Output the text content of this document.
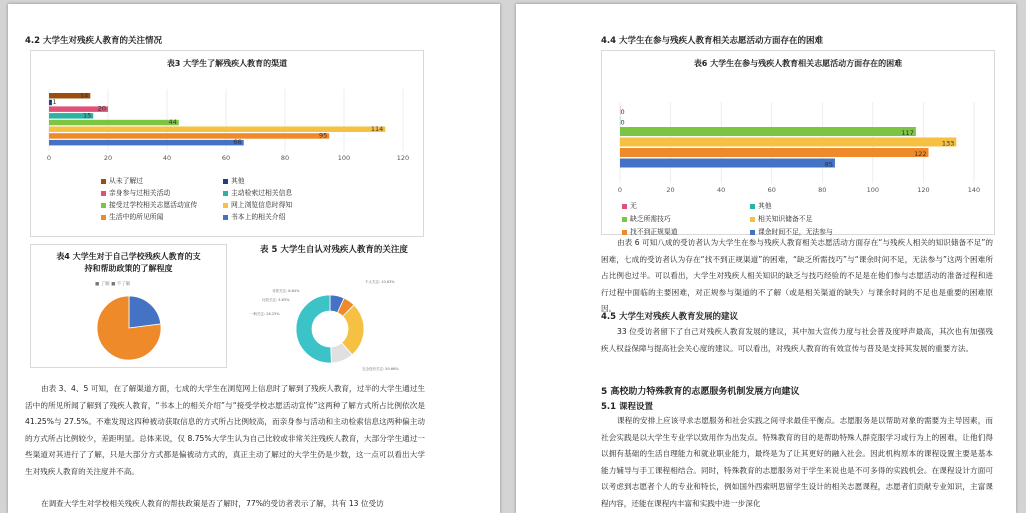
4.2 大学生对残疾人教育的关注情况
表3 大学生了解残疾人教育的渠道
0	20	40	60	80	100	120
14
1
20
15
44
114
95
66
从未了解过	其他
亲身参与过相关活动	主动检索过相关信息
接受过学校相关志愿活动宣传	网上浏览信息时得知
生活中的所见所闻	书本上的相关介绍
表4 大学生对于自己学校残疾人教育的支持和帮助政策的了解程度
■ 了解 ■ 不了解
表 5 大学生自认对残疾人教育的关注度
非常关注: 6.84%
比较关注: 5.63%
一般关注: 26.25%
不太关注: 10.63%
完全没有关注: 50.66%

由表 3、4、5 可知，在了解渠道方面，七成的大学生在浏览网上信息时了解到了残疾人教育，过半的大学生通过生活中的所见所闻了解到了残疾人教育，“书本上的相关介绍”与“接受学校志愿活动宣传”这两种了解方式所占比例依次是 41.25%与 27.5%。不难发现这四种被动获取信息的方式所占比例较高，而亲身参与活动和主动检索信息这两种偏主动的方式所占比例较少，差距明显。总体来说，仅 8.75%大学生认为自己比较或非常关注残疾人教育，大部分学生通过一些渠道对其进行了了解，只是大部分方式都是偏被动方式的，真正主动了解过的大学生仍是少数，这一点可以看出大学生对残疾人教育的关注度并不高。

在调查大学生对学校相关残疾人教育的帮扶政策是否了解时，77%的受访者表示了解，共有 13 位受访

4.4 大学生在参与残疾人教育相关志愿活动方面存在的困难
表6 大学生在参与残疾人教育相关志愿活动方面存在的困难
0	20	40	60	80	100	120	140
0
0
117
133
122
85
无	其他
缺乏所需技巧	相关知识储备不足
找不到正规渠道	课余时间不足，无法参与

由表 6 可知八成的受访者认为大学生在参与残疾人教育相关志愿活动方面存在“与残疾人相关的知识储备不足”的困难，七成的受访者认为存在“找不到正规渠道”的困难，“缺乏所需技巧”与“课余时间不足，无法参与”这两个困难所占比例也过半。可以看出，大学生对残疾人相关知识的缺乏与技巧经验的不足是在他们参与志愿活动的准备过程和进行过程中面临的主要困难，对正规参与渠道的不了解（或是相关渠道的缺失）与课余时间的不足也是重要的困难原因。

4.5 大学生对残疾人教育发展的建议

33 位受访者留下了自己对残疾人教育发展的建议，其中加大宣传力度与社会普及度呼声最高，其次也有加强残疾人权益保障与提高社会关心度的建议。可以看出，对残疾人教育的有效宣传与普及是支持其发展的重要方法。

5 高校助力特殊教育的志愿服务机制发展方向建议
5.1 课程设置

课程的安排上应该寻求志愿服务和社会实践之间寻求最佳平衡点。志愿服务是以帮助对象的需要为主导因素，而社会实践是以大学生专业学以致用作为出发点。特殊教育的目的是帮助特殊人群克服学习或行为上的困难，让他们得以拥有基础的生活自理能力和就业职业能力，最终是为了让其更好的融入社会。因此机构原本的课程设置主要是基本能力辅导与手工课程相结合。同时，特殊教育的志愿服务对于学生来说也是不可多得的实践机会。在课程设计方面可以考虑到志愿者个人的专业和特长，例如国外西索明思留学生设计的相关志愿课程，志愿者们贡献专业知识，主富课程内容，还能在课程内丰富和实践中进一步深化
